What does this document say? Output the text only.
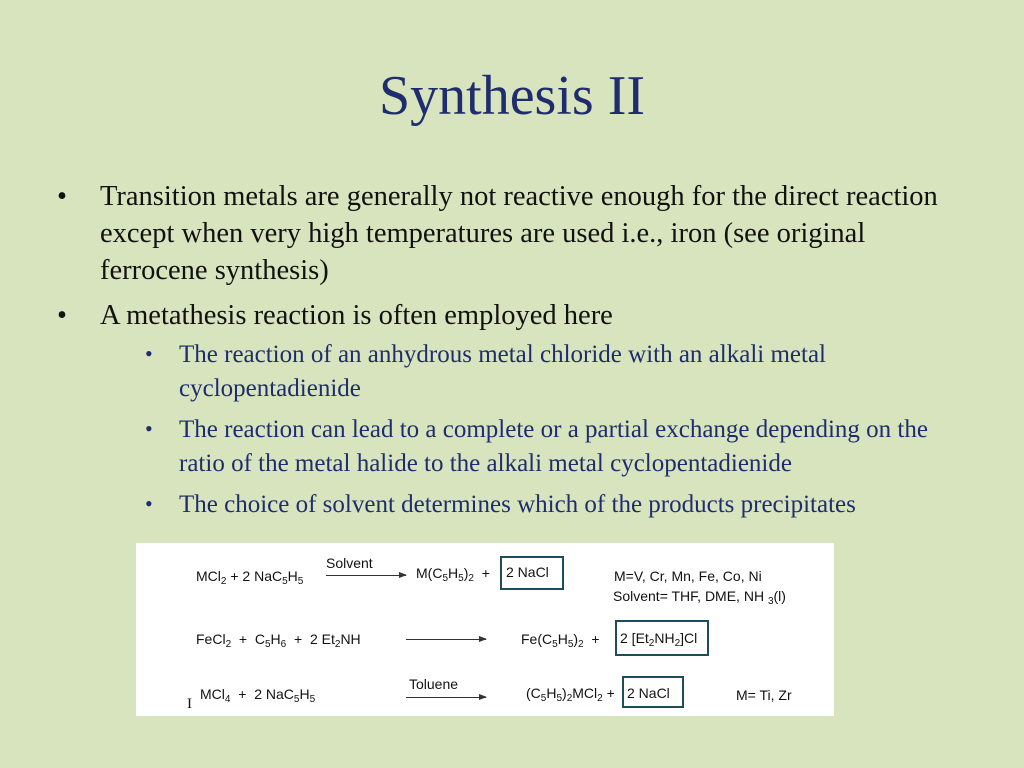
Synthesis II
• Transition metals are generally not reactive enough for the direct reaction except when very high temperatures are used i.e., iron (see original ferrocene synthesis)
• A metathesis reaction is often employed here
• The reaction of an anhydrous metal chloride with an alkali metal cyclopentadienide
• The reaction can lead to a complete or a partial exchange depending on the ratio of the metal halide to the alkali metal cyclopentadienide
• The choice of solvent determines which of the products precipitates
MCl$_2$ + 2 $NaC_5H_5$
Solvent
$M(C_5H_5)_2 + 2$ NaCl	M=V, Cr, Mn, Fe, Co, Ni
Solvent= THF, DME, NH $_3$(l)
FeCl$_2$  +  $C_5H_6 + 2$ $Et_2NH$	$Fe(C_5H_5)_2 + 2$ $[Et_2NH_2]Cl$
I
MCl$_4$  +  2 $NaC_5H_5$
Toluene
$(C_5H_5)_2MCl_2 + 2$ NaCl	M= Ti, Zr
